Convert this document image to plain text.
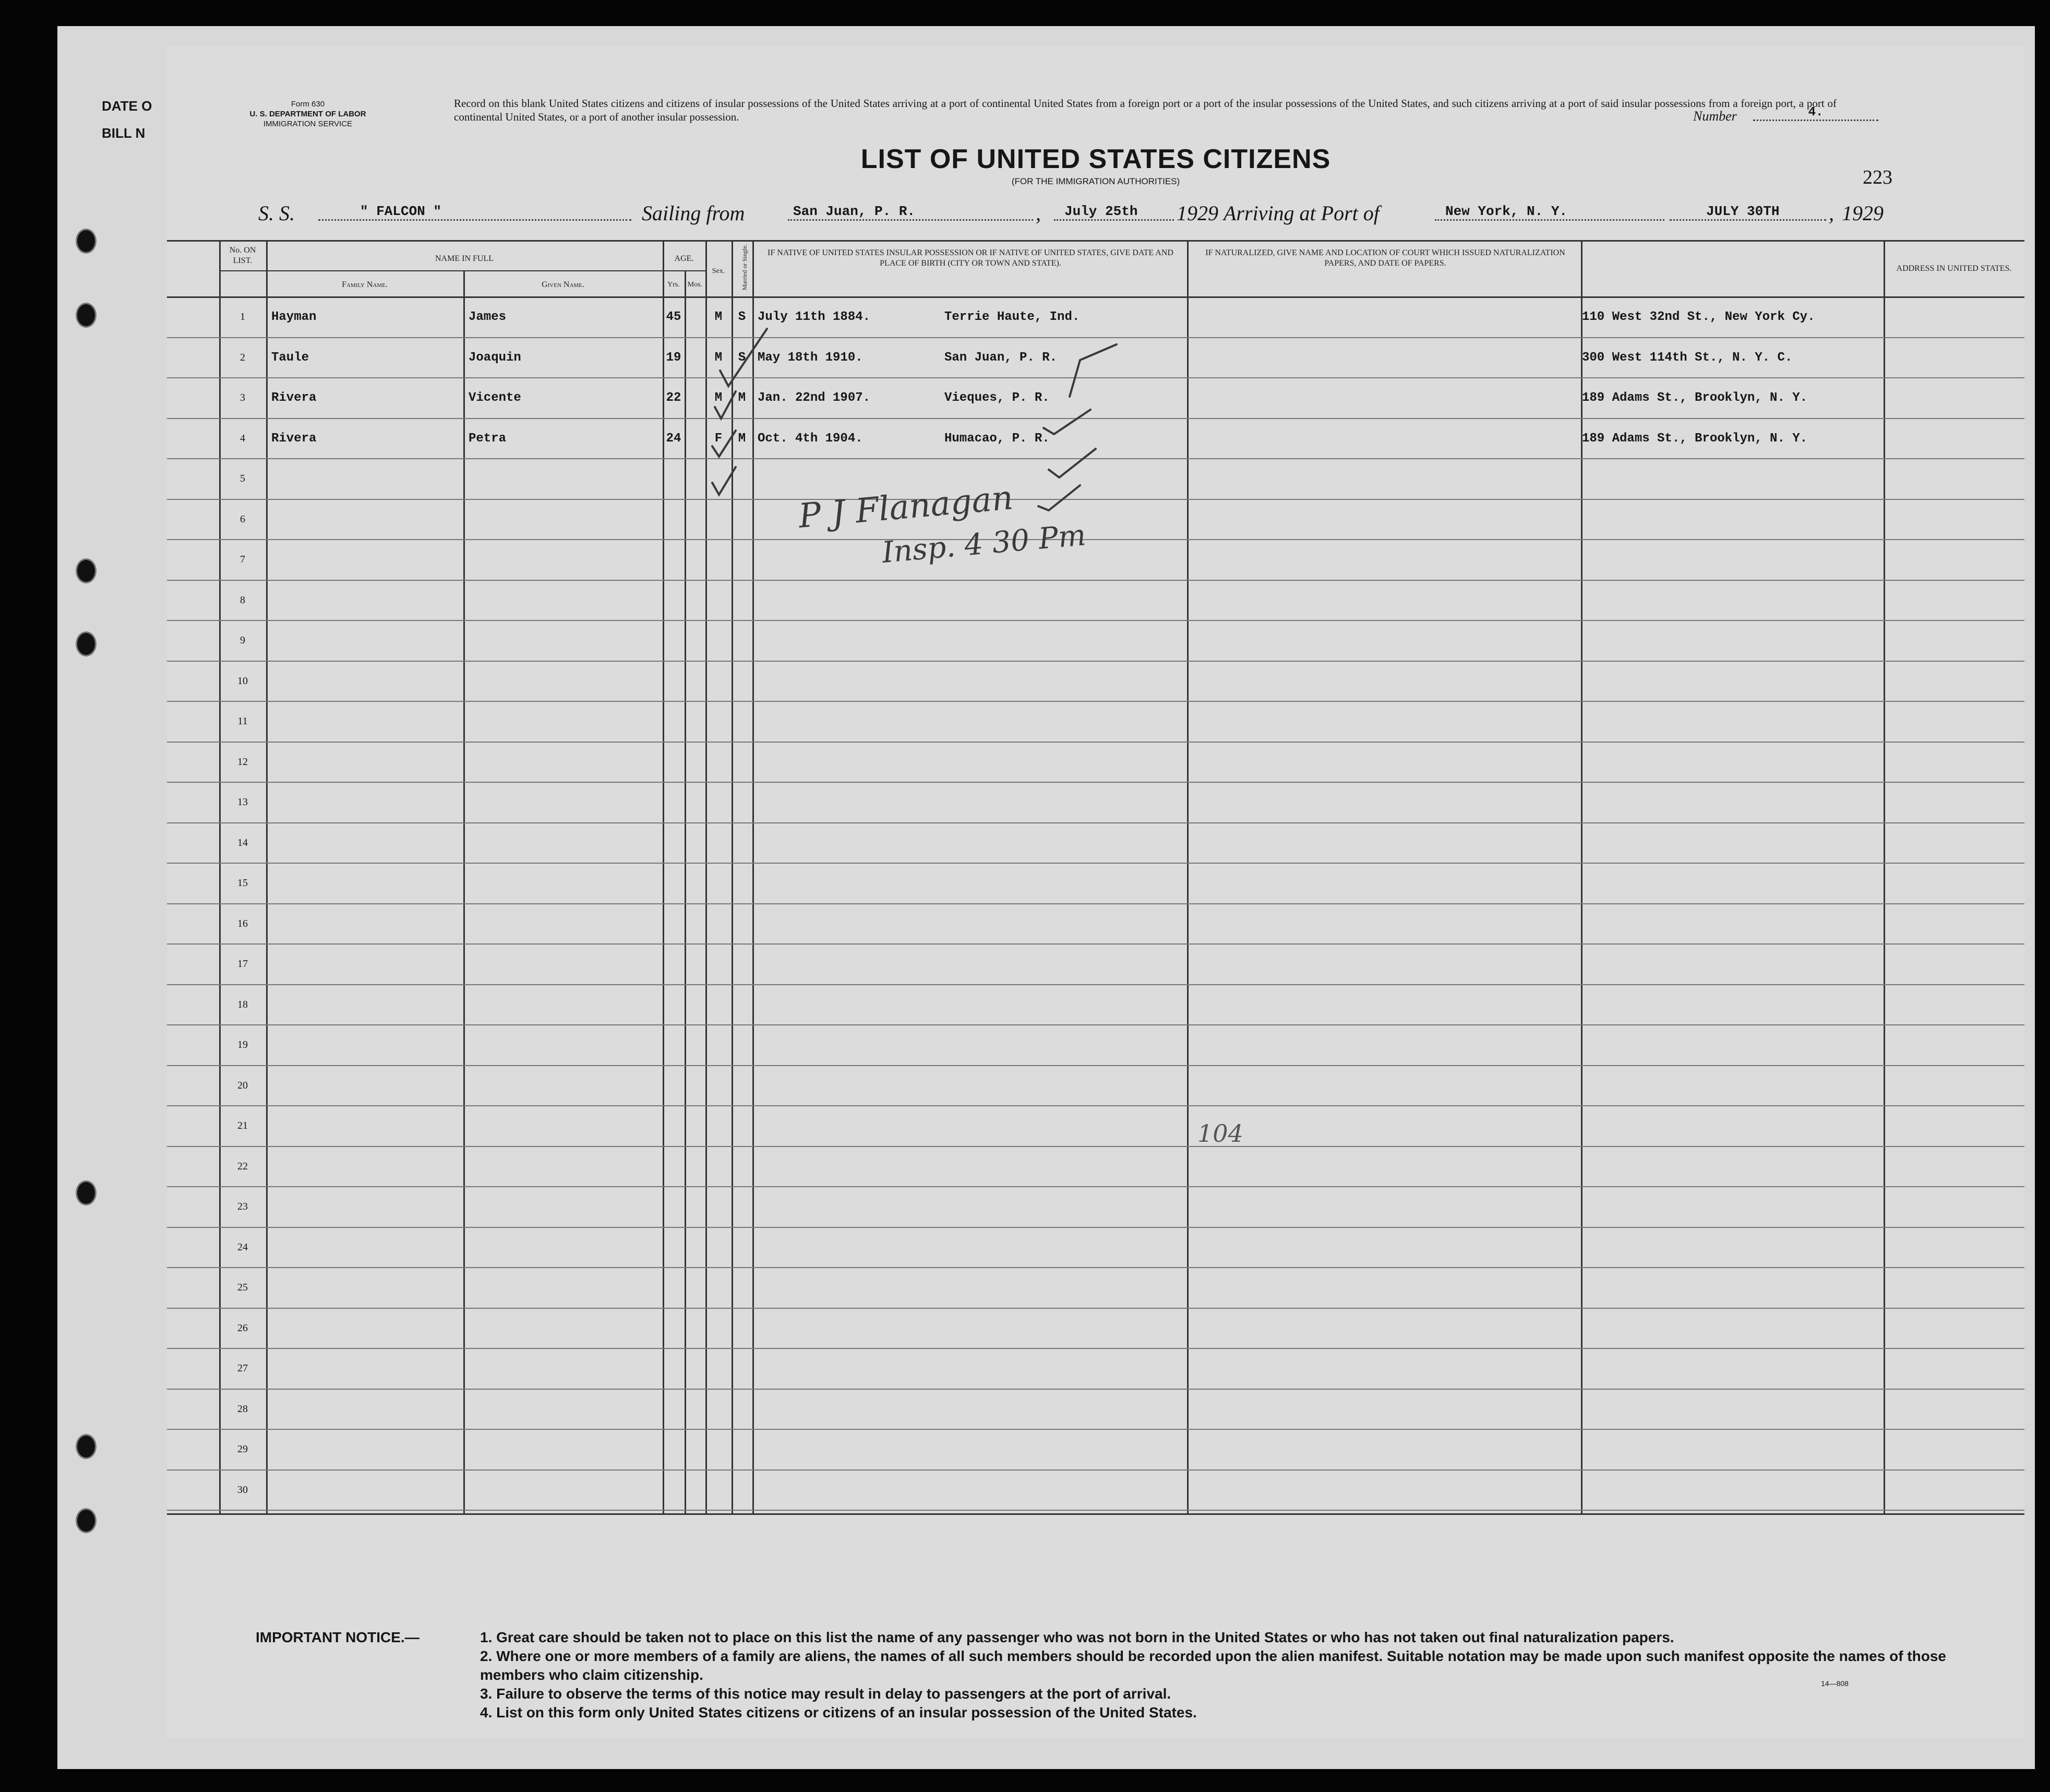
DATE O
BILL N
Form 630
U. S. DEPARTMENT OF LABOR
IMMIGRATION SERVICE
Record on this blank United States citizens and citizens of insular possessions of the United States arriving at a port of continental United States from a foreign port or a port of the insular possessions of the United States, and such citizens arriving at a port of said insular possessions from a foreign port, a port of continental United States, or a port of another insular possession.	Number	4.
LIST OF UNITED STATES CITIZENS
(FOR THE IMMIGRATION AUTHORITIES)	223
S. S.	" FALCON "	Sailing from	San Juan, P. R.	,	July 25th	192 9 Arriving at Port of	New York, N. Y.	JULY 30TH	, 192 9
No. ON LIST.	NAME IN FULL
Family Name.	Given Name.
AGE.
Yrs.	Mos.
Sex.	Married or Single.	IF NATIVE OF UNITED STATES INSULAR POSSESSION OR IF NATIVE OF UNITED STATES, GIVE DATE AND PLACE OF BIRTH (CITY OR TOWN AND STATE).
IF NATURALIZED, GIVE NAME AND LOCATION OF COURT WHICH ISSUED NATURALIZATION PAPERS, AND DATE OF PAPERS.
ADDRESS IN UNITED STATES.
1	Hayman	James	45	M	S July 11th 1884.	Terrie Haute, Ind.	110 West 32nd St., New York Cy.
2	Taule	Joaquin	19	M	S May 18th 1910.	San Juan, P. R.	300 West 114th St., N. Y. C.
3	Rivera	Vicente	22	M	M Jan. 22nd 1907.	Vieques, P. R.	189 Adams St., Brooklyn, N. Y.
4	Rivera	Petra	24	F	M Oct. 4th 1904.	Humacao, P. R.	189 Adams St., Brooklyn, N. Y.
5
6
7
8
9
10
11
12
13
14
15
16
17
18
19
20
21
22
23
24
25
26
27
28
29
30
P J Flanagan
Insp. 4 30 Pm
104
IMPORTANT NOTICE.—	1. Great care should be taken not to place on this list the name of any passenger who was not born in the United States or who has not taken out final naturalization papers.
2. Where one or more members of a family are aliens, the names of all such members should be recorded upon the alien manifest. Suitable notation may be made upon such manifest opposite the names of those members who claim citizenship.
3. Failure to observe the terms of this notice may result in delay to passengers at the port of arrival.
4. List on this form only United States citizens or citizens of an insular possession of the United States.
14—808
